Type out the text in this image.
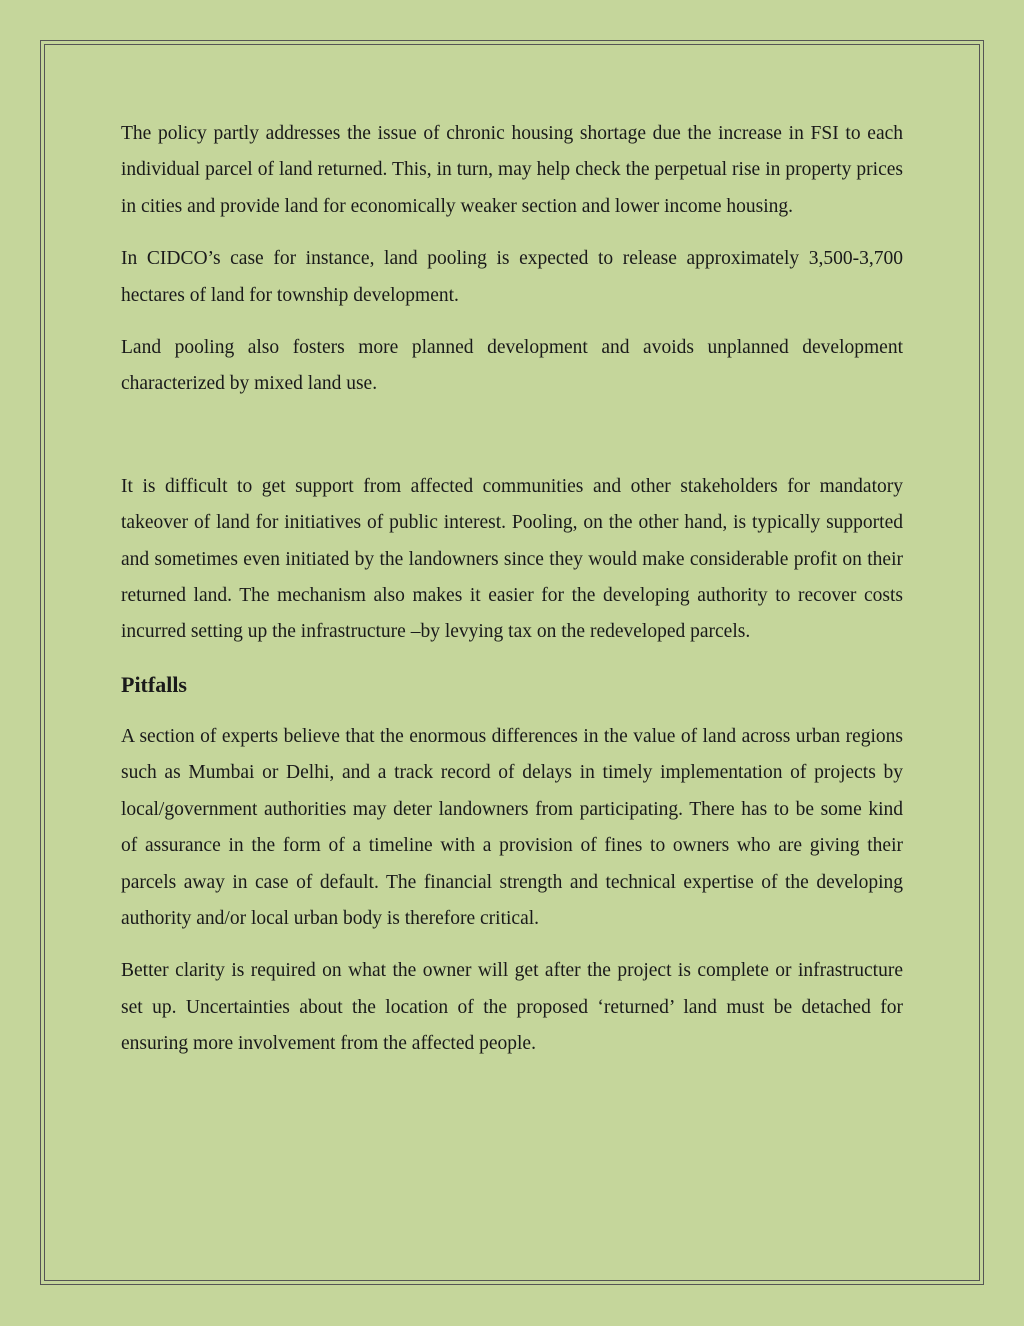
The policy partly addresses the issue of chronic housing shortage due the increase in FSI to each individual parcel of land returned. This, in turn, may help check the perpetual rise in property prices in cities and provide land for economically weaker section and lower income housing.

In CIDCO’s case for instance, land pooling is expected to release approximately 3,500-3,700 hectares of land for township development.

Land pooling also fosters more planned development and avoids unplanned development characterized by mixed land use.

It is difficult to get support from affected communities and other stakeholders for mandatory takeover of land for initiatives of public interest. Pooling, on the other hand, is typically supported and sometimes even initiated by the landowners since they would make considerable profit on their returned land. The mechanism also makes it easier for the developing authority to recover costs incurred setting up the infrastructure –by levying tax on the redeveloped parcels.

Pitfalls

A section of experts believe that the enormous differences in the value of land across urban regions such as Mumbai or Delhi, and a track record of delays in timely implementation of projects by local/government authorities may deter landowners from participating. There has to be some kind of assurance in the form of a timeline with a provision of fines to owners who are giving their parcels away in case of default. The financial strength and technical expertise of the developing authority and/or local urban body is therefore critical.

Better clarity is required on what the owner will get after the project is complete or infrastructure set up. Uncertainties about the location of the proposed ‘returned’ land must be detached for ensuring more involvement from the affected people.
